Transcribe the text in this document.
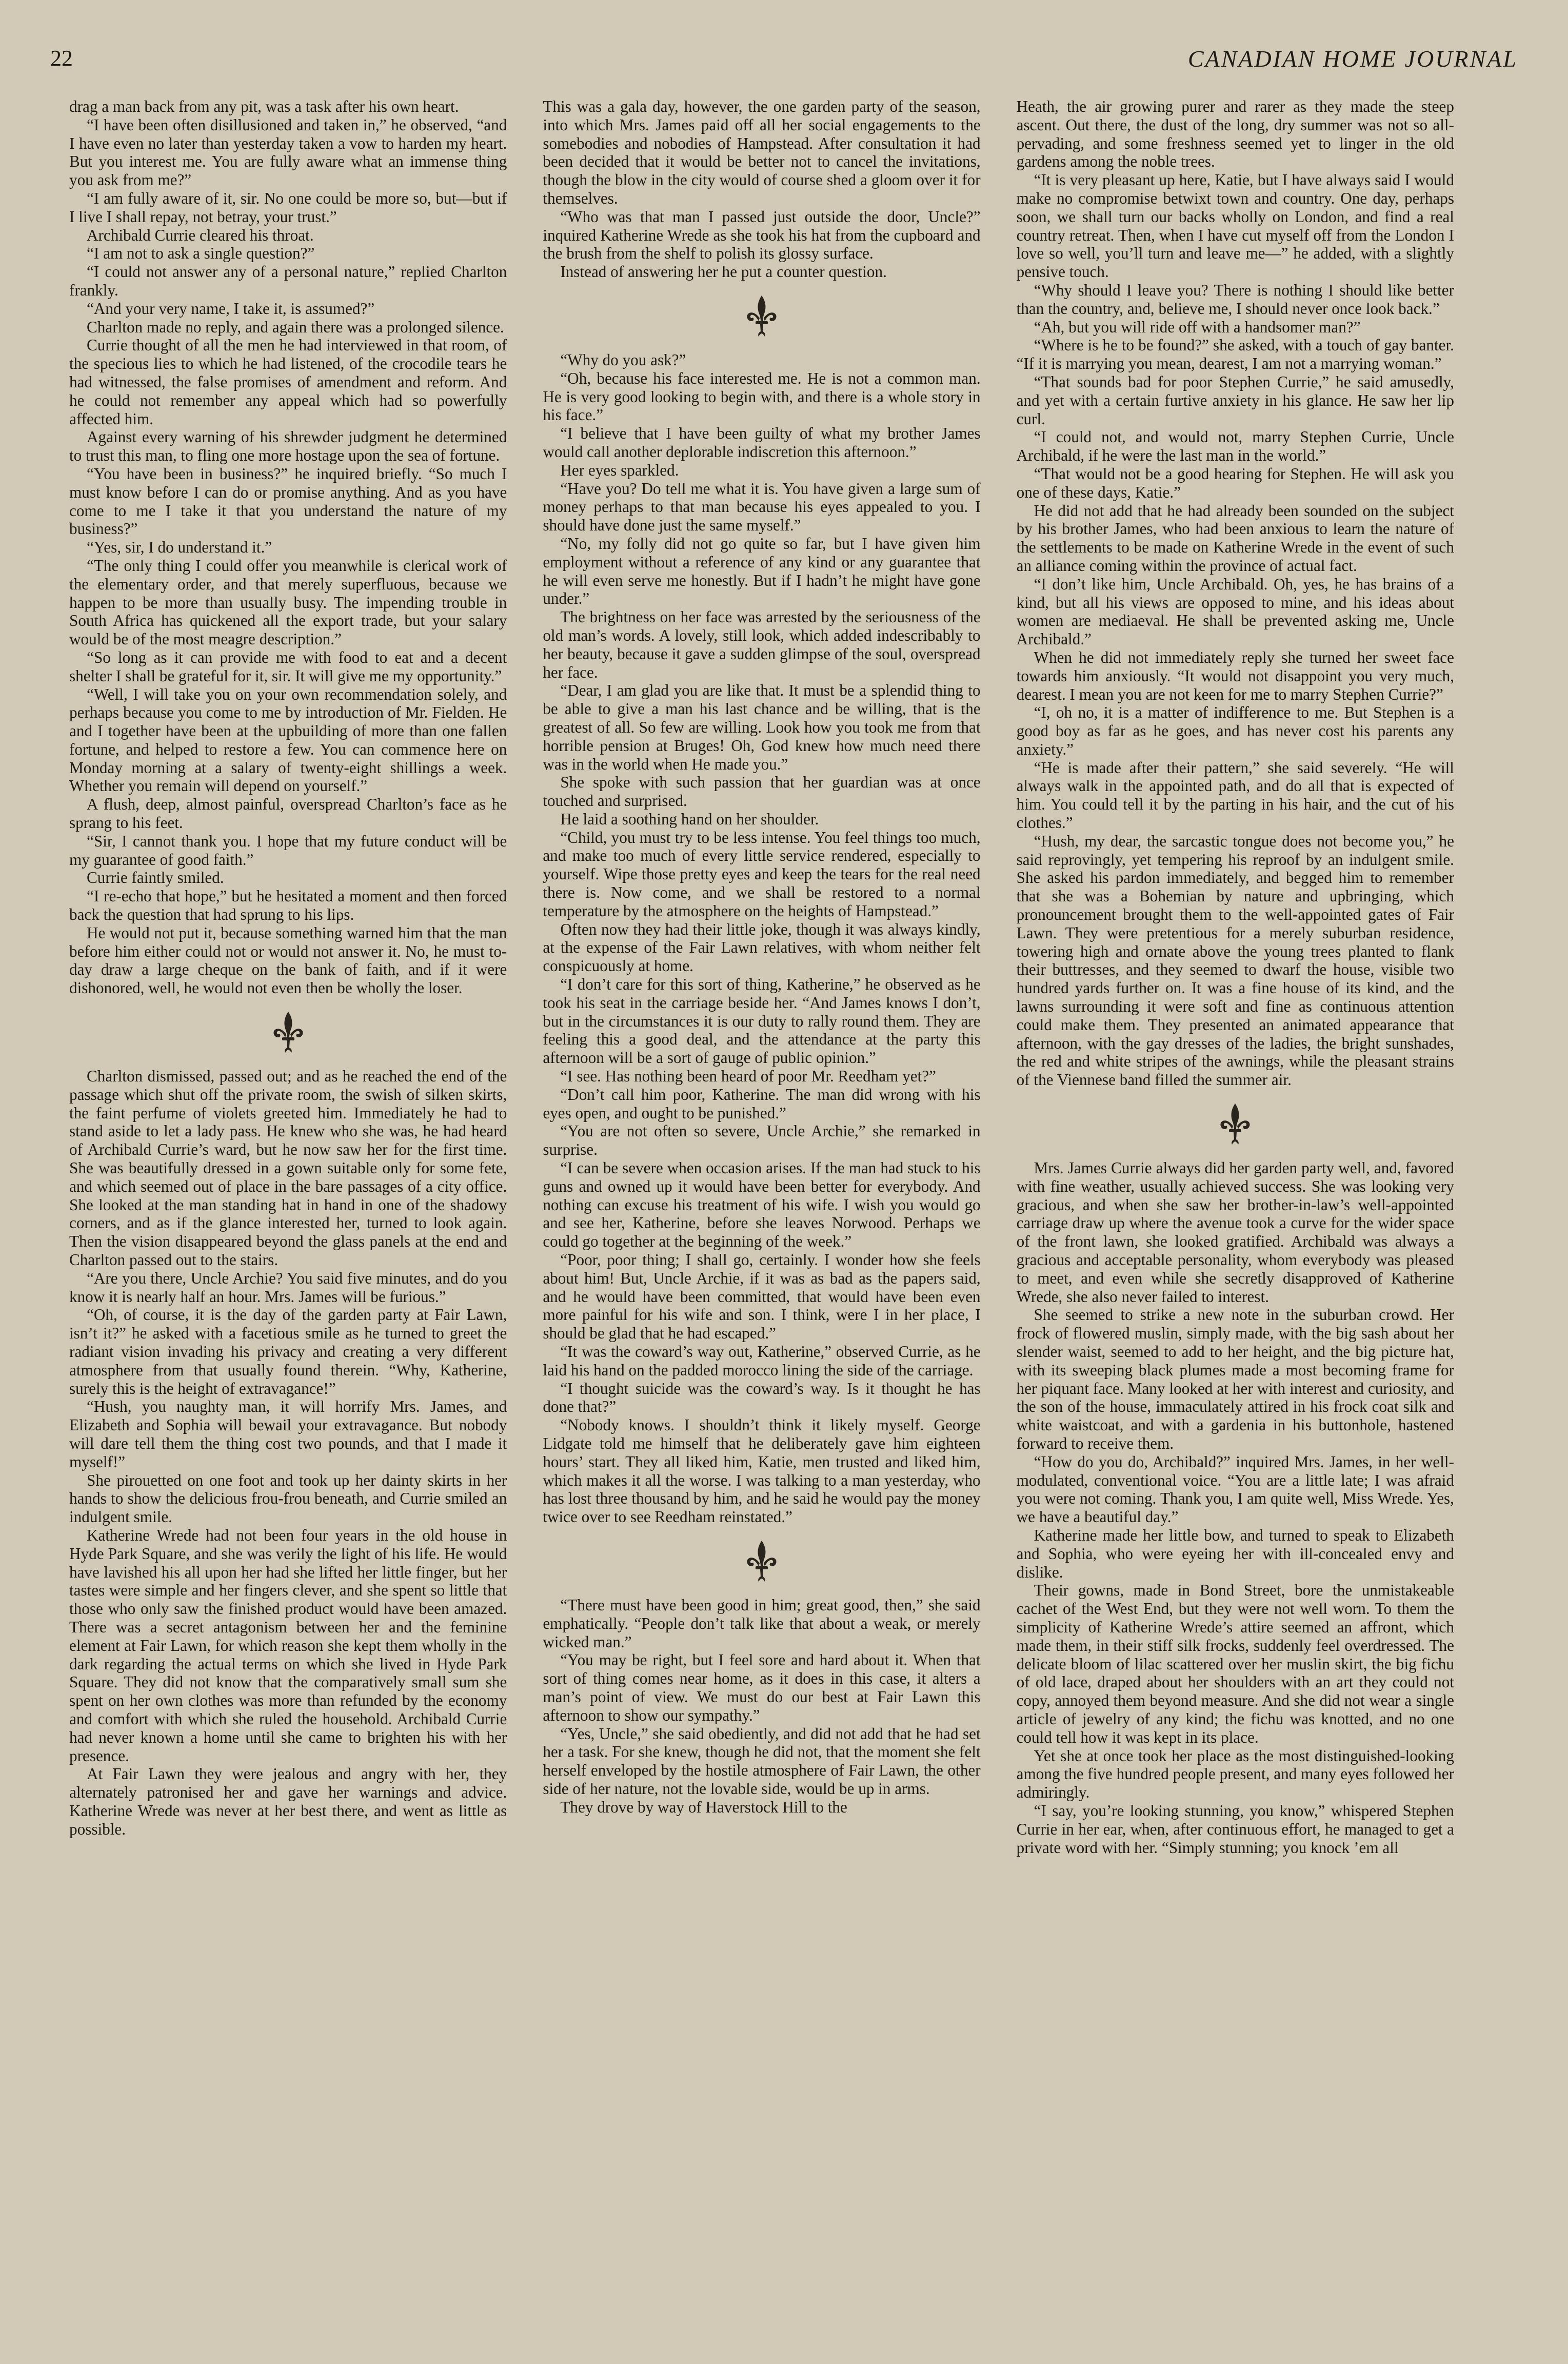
22	CANADIAN HOME JOURNAL

drag a man back from any pit, was a task after his own heart.

“I have been often disillusioned and taken in,” he observed, “and I have even no later than yesterday taken a vow to harden my heart. But you interest me. You are fully aware what an immense thing you ask from me?”

“I am fully aware of it, sir. No one could be more so, but—but if I live I shall repay, not betray, your trust.”

Archibald Currie cleared his throat.

“I am not to ask a single question?”

“I could not answer any of a personal nature,” replied Charlton frankly.

“And your very name, I take it, is assumed?”

Charlton made no reply, and again there was a prolonged silence.

Currie thought of all the men he had interviewed in that room, of the specious lies to which he had listened, of the crocodile tears he had witnessed, the false promises of amendment and reform. And he could not remember any appeal which had so powerfully affected him.

Against every warning of his shrewder judgment he determined to trust this man, to fling one more hostage upon the sea of fortune.

“You have been in business?” he inquired briefly. “So much I must know before I can do or promise anything. And as you have come to me I take it that you understand the nature of my business?”

“Yes, sir, I do understand it.”

“The only thing I could offer you meanwhile is clerical work of the elementary order, and that merely superfluous, because we happen to be more than usually busy. The impending trouble in South Africa has quickened all the export trade, but your salary would be of the most meagre description.”

“So long as it can provide me with food to eat and a decent shelter I shall be grateful for it, sir. It will give me my opportunity.”

“Well, I will take you on your own recommendation solely, and perhaps because you come to me by introduction of Mr. Fielden. He and I together have been at the upbuilding of more than one fallen fortune, and helped to restore a few. You can commence here on Monday morning at a salary of twenty-eight shillings a week. Whether you remain will depend on yourself.”

A flush, deep, almost painful, overspread Charlton’s face as he sprang to his feet.

“Sir, I cannot thank you. I hope that my future conduct will be my guarantee of good faith.”

Currie faintly smiled.

“I re-echo that hope,” but he hesitated a moment and then forced back the question that had sprung to his lips.

He would not put it, because something warned him that the man before him either could not or would not answer it. No, he must to-day draw a large cheque on the bank of faith, and if it were dishonored, well, he would not even then be wholly the loser.

Charlton dismissed, passed out; and as he reached the end of the passage which shut off the private room, the swish of silken skirts, the faint perfume of violets greeted him. Immediately he had to stand aside to let a lady pass. He knew who she was, he had heard of Archibald Currie’s ward, but he now saw her for the first time. She was beautifully dressed in a gown suitable only for some fete, and which seemed out of place in the bare passages of a city office. She looked at the man standing hat in hand in one of the shadowy corners, and as if the glance interested her, turned to look again. Then the vision disappeared beyond the glass panels at the end and Charlton passed out to the stairs.

“Are you there, Uncle Archie? You said five minutes, and do you know it is nearly half an hour. Mrs. James will be furious.”

“Oh, of course, it is the day of the garden party at Fair Lawn, isn’t it?” he asked with a facetious smile as he turned to greet the radiant vision invading his privacy and creating a very different atmosphere from that usually found therein. “Why, Katherine, surely this is the height of extravagance!”

“Hush, you naughty man, it will horrify Mrs. James, and Elizabeth and Sophia will bewail your extravagance. But nobody will dare tell them the thing cost two pounds, and that I made it myself!”

She pirouetted on one foot and took up her dainty skirts in her hands to show the delicious frou-frou beneath, and Currie smiled an indulgent smile.

Katherine Wrede had not been four years in the old house in Hyde Park Square, and she was verily the light of his life. He would have lavished his all upon her had she lifted her little finger, but her tastes were simple and her fingers clever, and she spent so little that those who only saw the finished product would have been amazed. There was a secret antagonism between her and the feminine element at Fair Lawn, for which reason she kept them wholly in the dark regarding the actual terms on which she lived in Hyde Park Square. They did not know that the comparatively small sum she spent on her own clothes was more than refunded by the economy and comfort with which she ruled the household. Archibald Currie had never known a home until she came to brighten his with her presence.

At Fair Lawn they were jealous and angry with her, they alternately patronised her and gave her warnings and advice. Katherine Wrede was never at her best there, and went as little as possible.

This was a gala day, however, the one garden party of the season, into which Mrs. James paid off all her social engagements to the somebodies and nobodies of Hampstead. After consultation it had been decided that it would be better not to cancel the invitations, though the blow in the city would of course shed a gloom over it for themselves.

“Who was that man I passed just outside the door, Uncle?” inquired Katherine Wrede as she took his hat from the cupboard and the brush from the shelf to polish its glossy surface.

Instead of answering her he put a counter question.

“Why do you ask?”

“Oh, because his face interested me. He is not a common man. He is very good looking to begin with, and there is a whole story in his face.”

“I believe that I have been guilty of what my brother James would call another deplorable indiscretion this afternoon.”

Her eyes sparkled.

“Have you? Do tell me what it is. You have given a large sum of money perhaps to that man because his eyes appealed to you. I should have done just the same myself.”

“No, my folly did not go quite so far, but I have given him employment without a reference of any kind or any guarantee that he will even serve me honestly. But if I hadn’t he might have gone under.”

The brightness on her face was arrested by the seriousness of the old man’s words. A lovely, still look, which added indescribably to her beauty, because it gave a sudden glimpse of the soul, overspread her face.

“Dear, I am glad you are like that. It must be a splendid thing to be able to give a man his last chance and be willing, that is the greatest of all. So few are willing. Look how you took me from that horrible pension at Bruges! Oh, God knew how much need there was in the world when He made you.”

She spoke with such passion that her guardian was at once touched and surprised.

He laid a soothing hand on her shoulder.

“Child, you must try to be less intense. You feel things too much, and make too much of every little service rendered, especially to yourself. Wipe those pretty eyes and keep the tears for the real need there is. Now come, and we shall be restored to a normal temperature by the atmosphere on the heights of Hampstead.”

Often now they had their little joke, though it was always kindly, at the expense of the Fair Lawn relatives, with whom neither felt conspicuously at home.

“I don’t care for this sort of thing, Katherine,” he observed as he took his seat in the carriage beside her. “And James knows I don’t, but in the circumstances it is our duty to rally round them. They are feeling this a good deal, and the attendance at the party this afternoon will be a sort of gauge of public opinion.”

“I see. Has nothing been heard of poor Mr. Reedham yet?”

“Don’t call him poor, Katherine. The man did wrong with his eyes open, and ought to be punished.”

“You are not often so severe, Uncle Archie,” she remarked in surprise.

“I can be severe when occasion arises. If the man had stuck to his guns and owned up it would have been better for everybody. And nothing can excuse his treatment of his wife. I wish you would go and see her, Katherine, before she leaves Norwood. Perhaps we could go together at the beginning of the week.”

“Poor, poor thing; I shall go, certainly. I wonder how she feels about him! But, Uncle Archie, if it was as bad as the papers said, and he would have been committed, that would have been even more painful for his wife and son. I think, were I in her place, I should be glad that he had escaped.”

“It was the coward’s way out, Katherine,” observed Currie, as he laid his hand on the padded morocco lining the side of the carriage.

“I thought suicide was the coward’s way. Is it thought he has done that?”

“Nobody knows. I shouldn’t think it likely myself. George Lidgate told me himself that he deliberately gave him eighteen hours’ start. They all liked him, Katie, men trusted and liked him, which makes it all the worse. I was talking to a man yesterday, who has lost three thousand by him, and he said he would pay the money twice over to see Reedham reinstated.”

“There must have been good in him; great good, then,” she said emphatically. “People don’t talk like that about a weak, or merely wicked man.”

“You may be right, but I feel sore and hard about it. When that sort of thing comes near home, as it does in this case, it alters a man’s point of view. We must do our best at Fair Lawn this afternoon to show our sympathy.”

“Yes, Uncle,” she said obediently, and did not add that he had set her a task. For she knew, though he did not, that the moment she felt herself enveloped by the hostile atmosphere of Fair Lawn, the other side of her nature, not the lovable side, would be up in arms.

They drove by way of Haverstock Hill to the

Heath, the air growing purer and rarer as they made the steep ascent. Out there, the dust of the long, dry summer was not so all-pervading, and some freshness seemed yet to linger in the old gardens among the noble trees.

“It is very pleasant up here, Katie, but I have always said I would make no compromise betwixt town and country. One day, perhaps soon, we shall turn our backs wholly on London, and find a real country retreat. Then, when I have cut myself off from the London I love so well, you’ll turn and leave me—” he added, with a slightly pensive touch.

“Why should I leave you? There is nothing I should like better than the country, and, believe me, I should never once look back.”

“Ah, but you will ride off with a handsomer man?”

“Where is he to be found?” she asked, with a touch of gay banter. “If it is marrying you mean, dearest, I am not a marrying woman.”

“That sounds bad for poor Stephen Currie,” he said amusedly, and yet with a certain furtive anxiety in his glance. He saw her lip curl.

“I could not, and would not, marry Stephen Currie, Uncle Archibald, if he were the last man in the world.”

“That would not be a good hearing for Stephen. He will ask you one of these days, Katie.”

He did not add that he had already been sounded on the subject by his brother James, who had been anxious to learn the nature of the settlements to be made on Katherine Wrede in the event of such an alliance coming within the province of actual fact.

“I don’t like him, Uncle Archibald. Oh, yes, he has brains of a kind, but all his views are opposed to mine, and his ideas about women are mediaeval. He shall be prevented asking me, Uncle Archibald.”

When he did not immediately reply she turned her sweet face towards him anxiously. “It would not disappoint you very much, dearest. I mean you are not keen for me to marry Stephen Currie?”

“I, oh no, it is a matter of indifference to me. But Stephen is a good boy as far as he goes, and has never cost his parents any anxiety.”

“He is made after their pattern,” she said severely. “He will always walk in the appointed path, and do all that is expected of him. You could tell it by the parting in his hair, and the cut of his clothes.”

“Hush, my dear, the sarcastic tongue does not become you,” he said reprovingly, yet tempering his reproof by an indulgent smile. She asked his pardon immediately, and begged him to remember that she was a Bohemian by nature and upbringing, which pronouncement brought them to the well-appointed gates of Fair Lawn. They were pretentious for a merely suburban residence, towering high and ornate above the young trees planted to flank their buttresses, and they seemed to dwarf the house, visible two hundred yards further on. It was a fine house of its kind, and the lawns surrounding it were soft and fine as continuous attention could make them. They presented an animated appearance that afternoon, with the gay dresses of the ladies, the bright sunshades, the red and white stripes of the awnings, while the pleasant strains of the Viennese band filled the summer air.

Mrs. James Currie always did her garden party well, and, favored with fine weather, usually achieved success. She was looking very gracious, and when she saw her brother-in-law’s well-appointed carriage draw up where the avenue took a curve for the wider space of the front lawn, she looked gratified. Archibald was always a gracious and acceptable personality, whom everybody was pleased to meet, and even while she secretly disapproved of Katherine Wrede, she also never failed to interest.

She seemed to strike a new note in the suburban crowd. Her frock of flowered muslin, simply made, with the big sash about her slender waist, seemed to add to her height, and the big picture hat, with its sweeping black plumes made a most becoming frame for her piquant face. Many looked at her with interest and curiosity, and the son of the house, immaculately attired in his frock coat silk and white waistcoat, and with a gardenia in his buttonhole, hastened forward to receive them.

“How do you do, Archibald?” inquired Mrs. James, in her well-modulated, conventional voice. “You are a little late; I was afraid you were not coming. Thank you, I am quite well, Miss Wrede. Yes, we have a beautiful day.”

Katherine made her little bow, and turned to speak to Elizabeth and Sophia, who were eyeing her with ill-concealed envy and dislike.

Their gowns, made in Bond Street, bore the unmistakeable cachet of the West End, but they were not well worn. To them the simplicity of Katherine Wrede’s attire seemed an affront, which made them, in their stiff silk frocks, suddenly feel overdressed. The delicate bloom of lilac scattered over her muslin skirt, the big fichu of old lace, draped about her shoulders with an art they could not copy, annoyed them beyond measure. And she did not wear a single article of jewelry of any kind; the fichu was knotted, and no one could tell how it was kept in its place.

Yet she at once took her place as the most distinguished-looking among the five hundred people present, and many eyes followed her admiringly.

“I say, you’re looking stunning, you know,” whispered Stephen Currie in her ear, when, after continuous effort, he managed to get a private word with her. “Simply stunning; you knock ’em all
